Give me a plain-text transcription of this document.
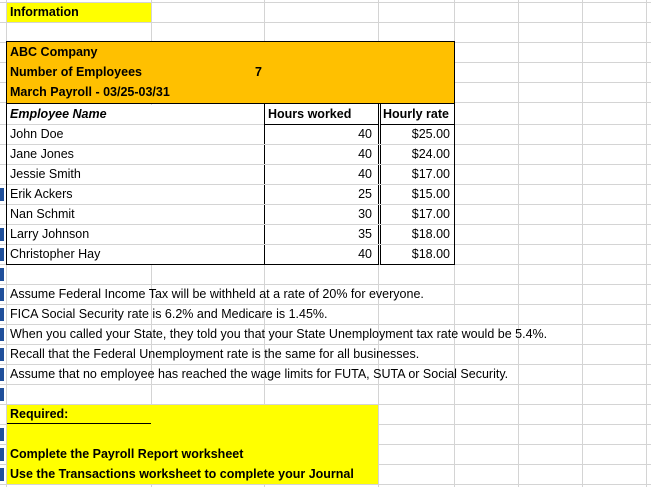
Information
ABC Company
Number of Employees	7
March Payroll - 03/25-03/31
Employee Name	Hours worked	Hourly rate
John Doe	40	$25.00
Jane Jones	40	$24.00
Jessie Smith	40	$17.00
Erik Ackers	25	$15.00
Nan Schmit	30	$17.00
Larry Johnson	35	$18.00
Christopher Hay	40	$18.00
Assume Federal Income Tax will be withheld at a rate of 20% for everyone.
FICA Social Security rate is 6.2% and Medicare is 1.45%.
When you called your State, they told you that your State Unemployment tax rate would be 5.4%.
Recall that the Federal Unemployment rate is the same for all businesses.
Assume that no employee has reached the wage limits for FUTA, SUTA or Social Security.
Required:
Complete the Payroll Report worksheet
Use the Transactions worksheet to complete your Journal
